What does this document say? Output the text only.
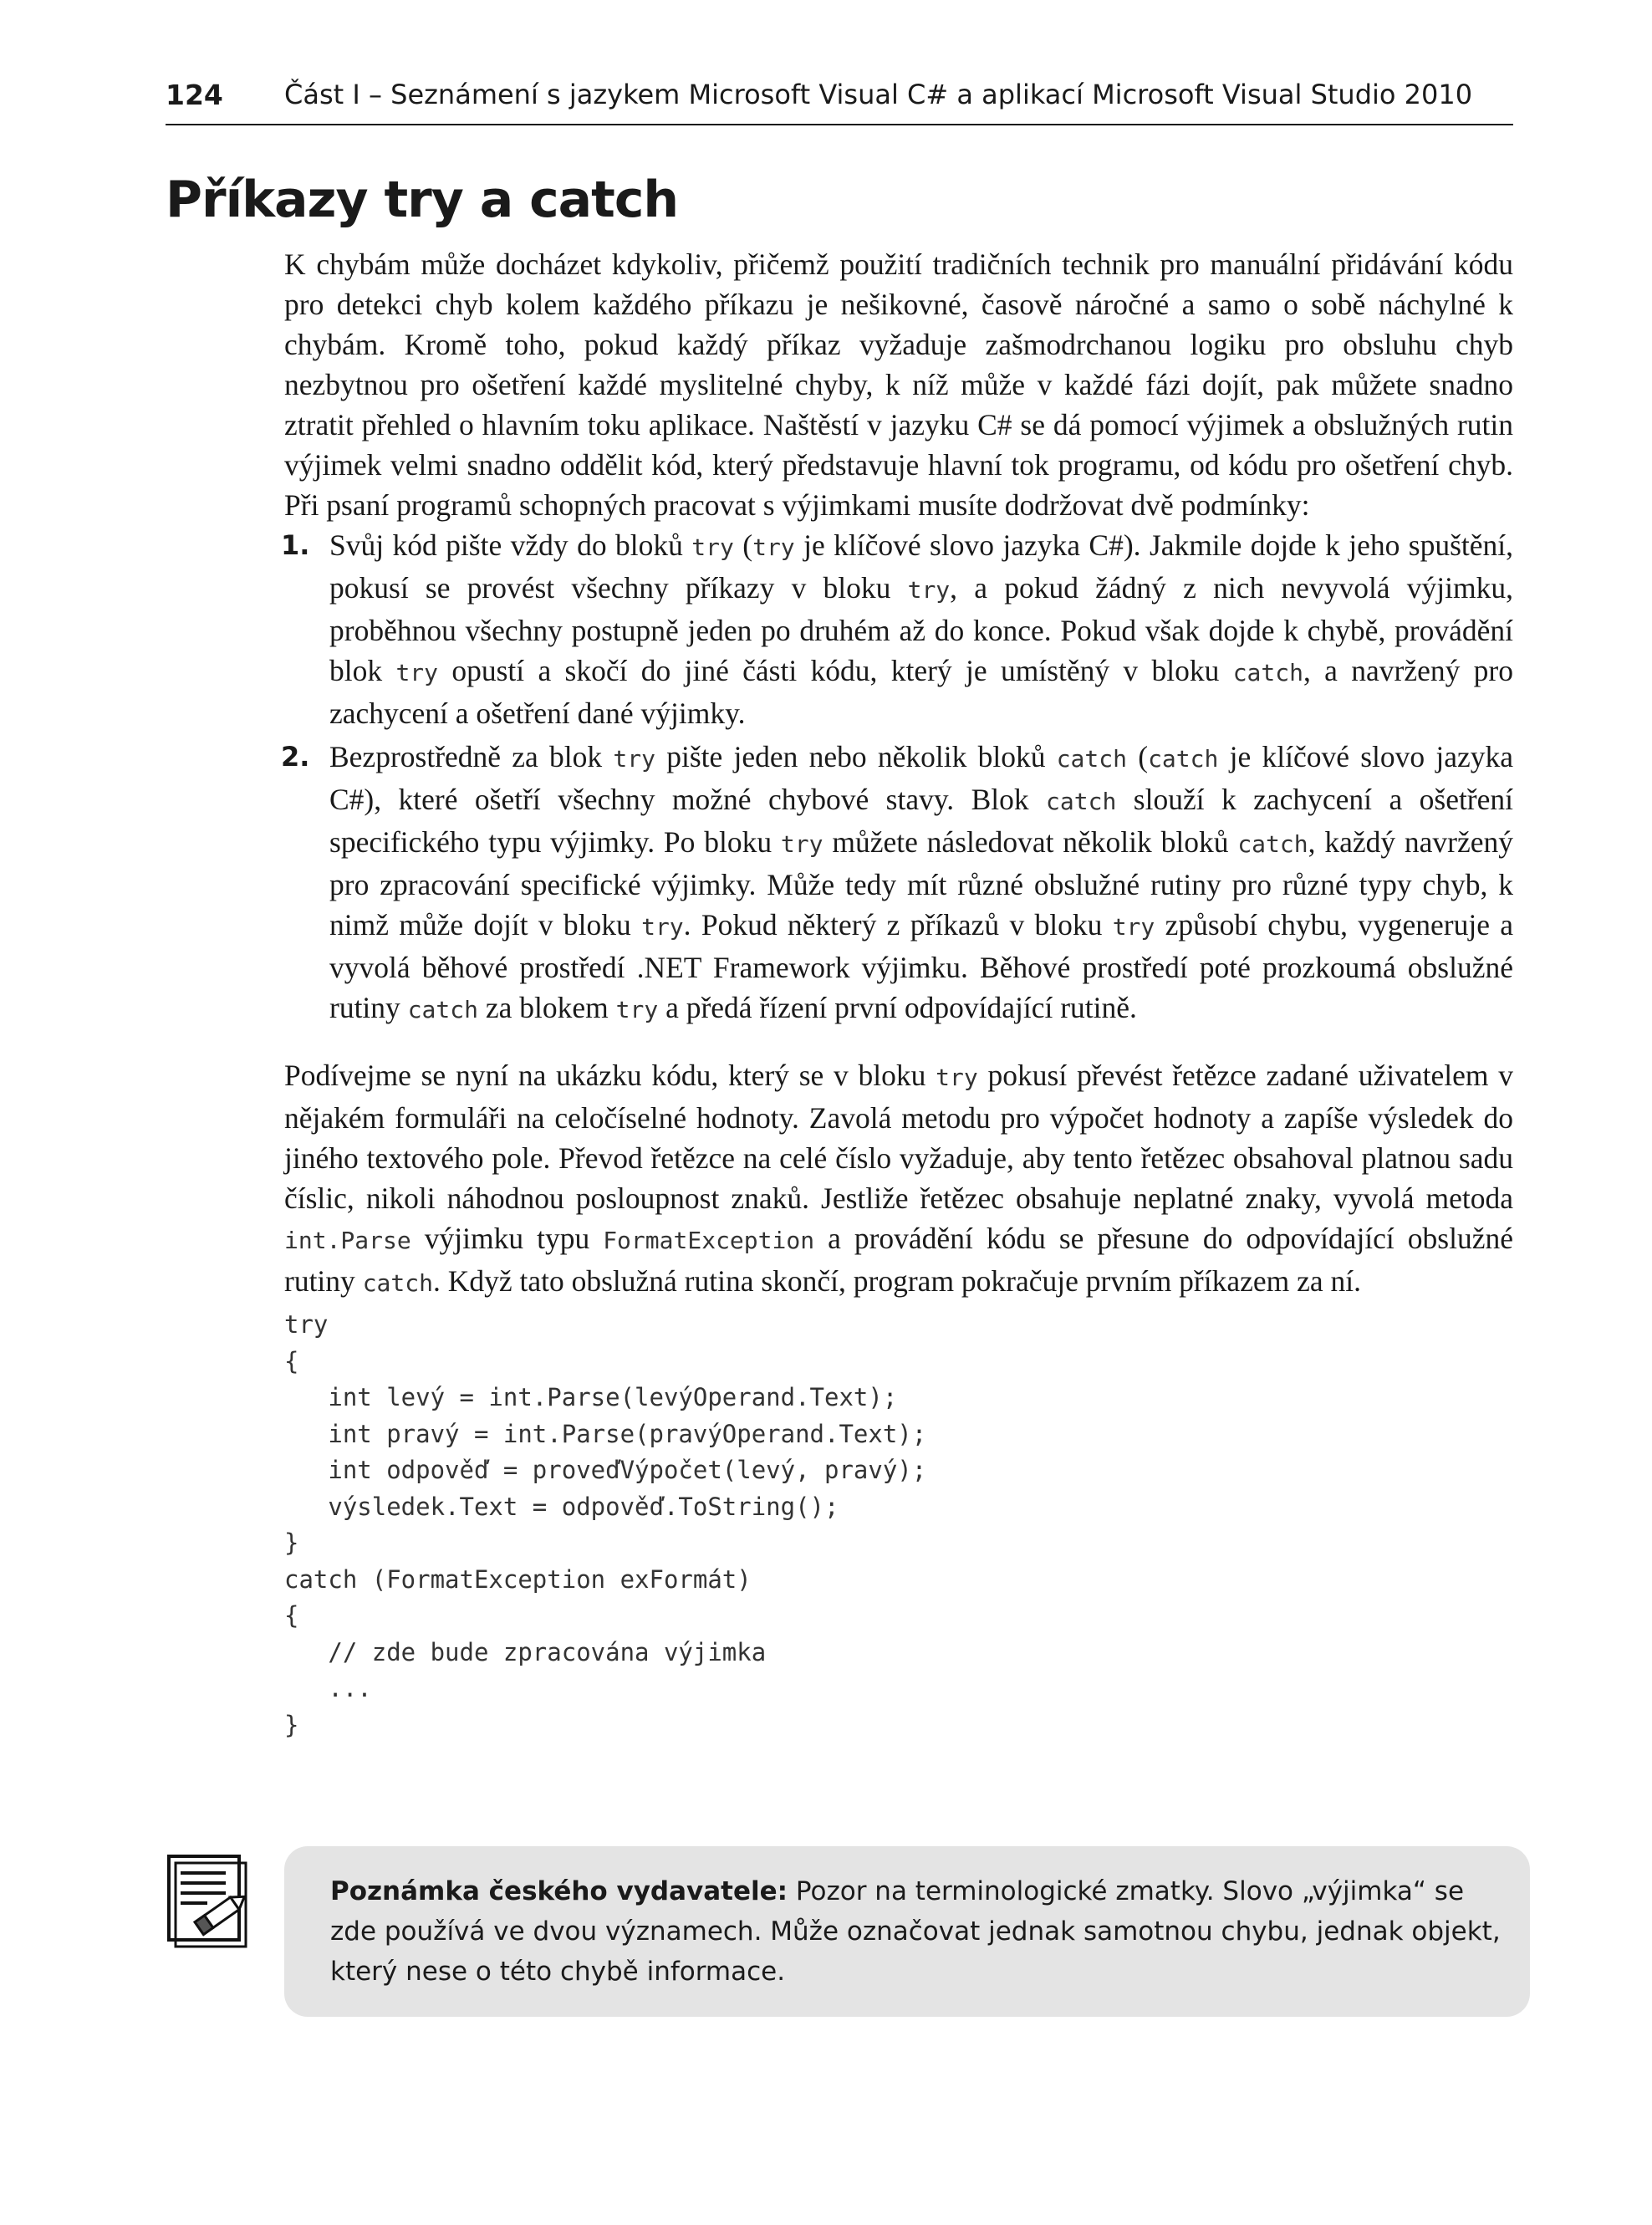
124 Část I – Seznámení s jazykem Microsoft Visual C# a aplikací Microsoft Visual Studio 2010
Příkazy try a catch

K chybám může docházet kdykoliv, přičemž použití tradičních technik pro manuální přidávání kódu pro detekci chyb kolem každého příkazu je nešikovné, časově náročné a samo o sobě náchylné k chybám. Kromě toho, pokud každý příkaz vyžaduje zašmodrchanou logiku pro obsluhu chyb nezbytnou pro ošetření každé myslitelné chyby, k níž může v každé fázi dojít, pak můžete snadno ztratit přehled o hlavním toku aplikace. Naštěstí v jazyku C# se dá pomocí výjimek a obslužných rutin výjimek velmi snadno oddělit kód, který představuje hlavní tok programu, od kódu pro ošetření chyb. Při psaní programů schopných pracovat s výjimkami musíte dodržovat dvě podmínky:

1. Svůj kód pište vždy do bloků try (try je klíčové slovo jazyka C#). Jakmile dojde k jeho spuštění, pokusí se provést všechny příkazy v bloku try, a pokud žádný z nich nevyvolá výjimku, proběhnou všechny postupně jeden po druhém až do konce. Pokud však dojde k chybě, provádění blok try opustí a skočí do jiné části kódu, který je umístěný v bloku catch, a navržený pro zachycení a ošetření dané výjimky.
2. Bezprostředně za blok try pište jeden nebo několik bloků catch (catch je klíčové slovo jazyka C#), které ošetří všechny možné chybové stavy. Blok catch slouží k zachycení a ošetření specifického typu výjimky. Po bloku try můžete následovat několik bloků catch, každý navržený pro zpracování specifické výjimky. Může tedy mít různé obslužné rutiny pro různé typy chyb, k nimž může dojít v bloku try. Pokud některý z příkazů v bloku try způsobí chybu, vygeneruje a vyvolá běhové prostředí .NET Framework výjimku. Běhové prostředí poté prozkoumá obslužné rutiny catch za blokem try a předá řízení první odpovídající rutině.

Podívejme se nyní na ukázku kódu, který se v bloku try pokusí převést řetězce zadané uživatelem v nějakém formuláři na celočíselné hodnoty. Zavolá metodu pro výpočet hodnoty a zapíše výsledek do jiného textového pole. Převod řetězce na celé číslo vyžaduje, aby tento řetězec obsahoval platnou sadu číslic, nikoli náhodnou posloupnost znaků. Jestliže řetězec obsahuje neplatné znaky, vyvolá metoda int.Parse výjimku typu FormatException a provádění kódu se přesune do odpovídající obslužné rutiny catch. Když tato obslužná rutina skončí, program pokračuje prvním příkazem za ní.

try
{
int levý = int.Parse(levýOperand.Text);
int pravý = int.Parse(pravýOperand.Text);
int odpověď = proveďVýpočet(levý, pravý);
výsledek.Text = odpověď.ToString();
}
catch (FormatException exFormát)
{
// zde bude zpracována výjimka
...
}
Poznámka českého vydavatele: Pozor na terminologické zmatky. Slovo „výjimka“ se zde používá ve dvou významech. Může označovat jednak samotnou chybu, jednak objekt, který nese o této chybě informace.
